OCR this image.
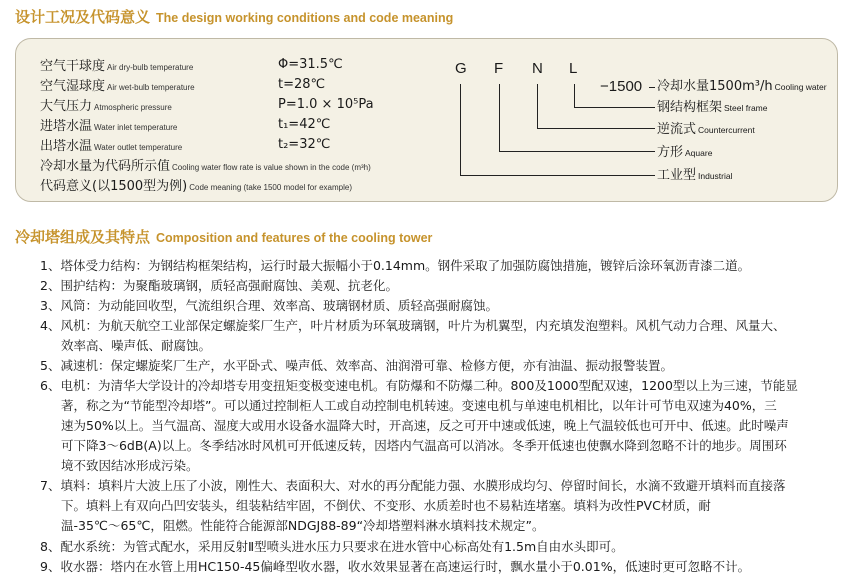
设计工况及代码意义 The design working conditions and code meaning
空气干球度 Air dry-bulb temperature	Φ=31.5℃
空气湿球度 Air wet-bulb temperature	t=28℃
大气压力 Atmospheric pressure	P=1.0 × 10⁵Pa
进塔水温 Water inlet temperature	t₁=42℃
出塔水温 Water outlet temperature	t₂=32℃
冷却水量为代码所示值 Cooling water flow rate is value shown in the code (m³h)
代码意义(以1500型为例) Code meaning (take 1500 model for example)
G F N L
−1500 冷却水量1500m³/h Cooling water
钢结构框架 Steel frame
逆流式 Countercurrent
方形 Aquare
工业型 Industrial
冷却塔组成及其特点 Composition and features of the cooling tower
1、塔体受力结构：为钢结构框架结构，运行时最大振幅小于0.14mm。钢件采取了加强防腐蚀措施，镀锌后涂环氧沥青漆二道。
2、围护结构：为聚酯玻璃钢，质轻高强耐腐蚀、美观、抗老化。
3、风筒：为动能回收型，气流组织合理、效率高、玻璃钢材质、质轻高强耐腐蚀。
4、风机：为航天航空工业部保定螺旋桨厂生产，叶片材质为环氧玻璃钢，叶片为机翼型，内充填发泡塑料。风机气动力合理、风量大、
效率高、噪声低、耐腐蚀。
5、减速机：保定螺旋桨厂生产，水平卧式、噪声低、效率高、油润滑可靠、检修方便，亦有油温、振动报警装置。
6、电机：为清华大学设计的冷却塔专用变扭矩变极变速电机。有防爆和不防爆二种。800及1000型配双速，1200型以上为三速，节能显
著，称之为“节能型冷却塔”。可以通过控制柜人工或自动控制电机转速。变速电机与单速电机相比，以年计可节电双速为40%，三
速为50%以上。当气温高、湿度大或用水设备水温降大时，开高速，反之可开中速或低速，晚上气温较低也可开中、低速。此时噪声
可下降3～6dB(A)以上。冬季结冰时风机可开低速反转，因塔内气温高可以消冰。冬季开低速也使飘水降到忽略不计的地步。周围环
境不致因结冰形成污染。
7、填料：填料片大波上压了小波，刚性大、表面积大、对水的再分配能力强、水膜形成均匀、停留时间长，水滴不致避开填料而直接落
下。填料上有双向凸凹安装头，组装粘结牢固，不倒伏、不变形、水质差时也不易粘连堵塞。填料为改性PVC材质，耐
温-35℃～65℃，阻燃。性能符合能源部NDGJ88-89“冷却塔塑料淋水填料技术规定”。
8、配水系统：为管式配水，采用反射Ⅱ型喷头进水压力只要求在进水管中心标高处有1.5m自由水头即可。
9、收水器：塔内在水管上用HC150-45偏峰型收水器，收水效果显著在高速运行时，飘水量小于0.01%，低速时更可忽略不计。
